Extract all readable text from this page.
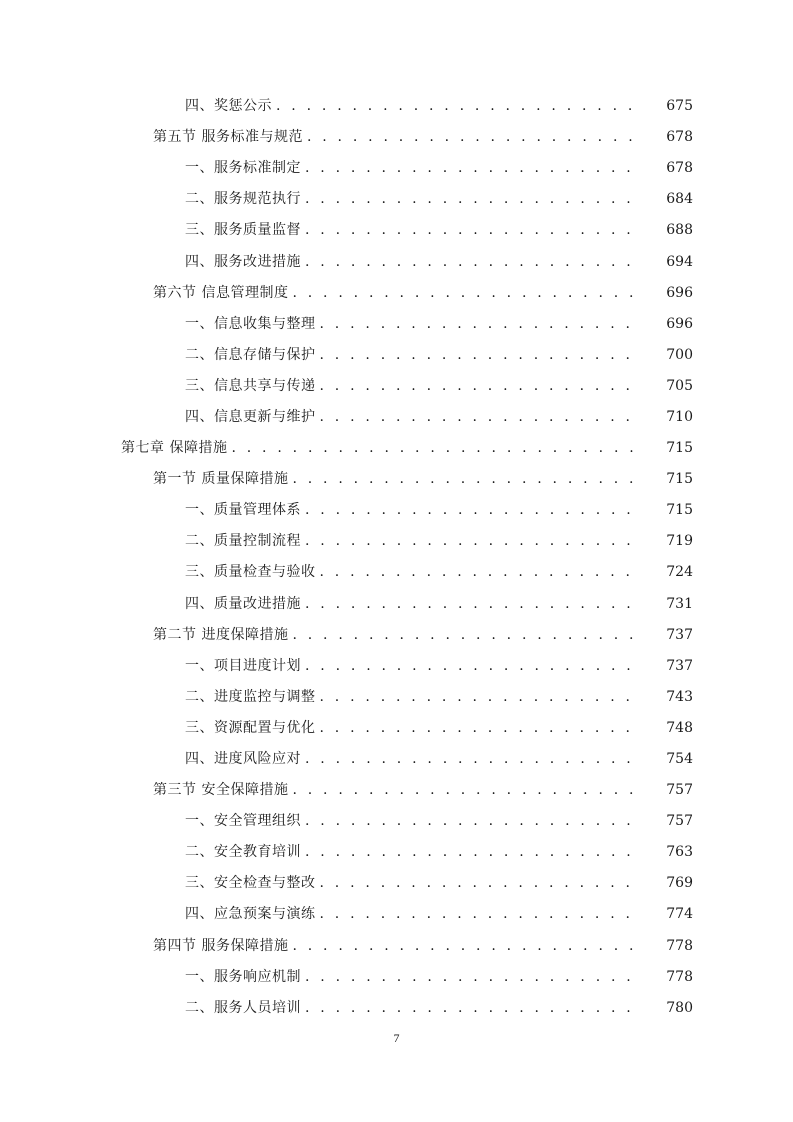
四、奖惩公示 . . .	675
第五节 服务标准与规范 . . .	678
一、服务标准制定 . . .	678
二、服务规范执行 . . .	684
三、服务质量监督 . . .	688
四、服务改进措施 . . .	694
第六节 信息管理制度 . . .	696
一、信息收集与整理 . . .	696
二、信息存储与保护 . . .	700
三、信息共享与传递 . . .	705
四、信息更新与维护 . . .	710
第七章 保障措施 . . .	715
第一节 质量保障措施 . . .	715
一、质量管理体系 . . .	715
二、质量控制流程 . . .	719
三、质量检查与验收 . . .	724
四、质量改进措施 . . .	731
第二节 进度保障措施 . . .	737
一、项目进度计划 . . .	737
二、进度监控与调整 . . .	743
三、资源配置与优化 . . .	748
四、进度风险应对 . . .	754
第三节 安全保障措施 . . .	757
一、安全管理组织 . . .	757
二、安全教育培训 . . .	763
三、安全检查与整改 . . .	769
四、应急预案与演练 . . .	774
第四节 服务保障措施 . . .	778
一、服务响应机制 . . .	778
二、服务人员培训 . . .	780
7
